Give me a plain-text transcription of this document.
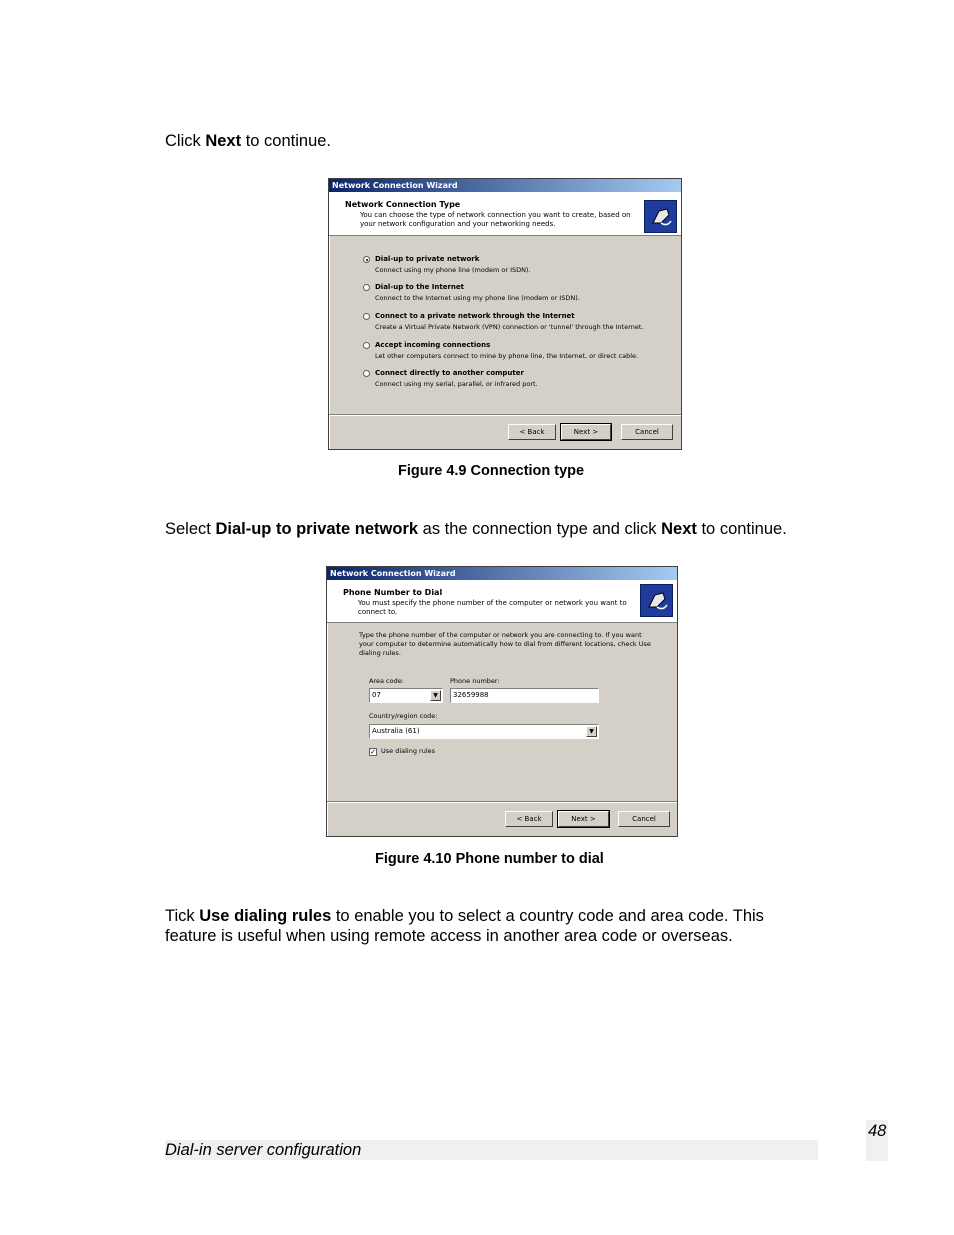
Click Next to continue.

Network Connection Wizard
Network Connection Type
You can choose the type of network connection you want to create, based on
your network configuration and your networking needs.
Dial-up to private network
Connect using my phone line (modem or ISDN).
Dial-up to the Internet
Connect to the Internet using my phone line (modem or ISDN).
Connect to a private network through the Internet
Create a Virtual Private Network (VPN) connection or 'tunnel' through the Internet.
Accept incoming connections
Let other computers connect to mine by phone line, the Internet, or direct cable.
Connect directly to another computer
Connect using my serial, parallel, or infrared port.
< Back	Next >	Cancel

Figure 4.9 Connection type

Select Dial-up to private network as the connection type and click Next to continue.

Network Connection Wizard
Phone Number to Dial
You must specify the phone number of the computer or network you want to
connect to.
Type the phone number of the computer or network you are connecting to. If you want
your computer to determine automatically how to dial from different locations, check Use
dialing rules.
Area code:
07	▼
Phone number:
32659988
Country/region code:
Australia (61)	▼
✓ Use dialing rules
< Back	Next >	Cancel

Figure 4.10 Phone number to dial

Tick Use dialing rules to enable you to select a country code and area code. This
feature is useful when using remote access in another area code or overseas.
Dial-in server configuration
48
